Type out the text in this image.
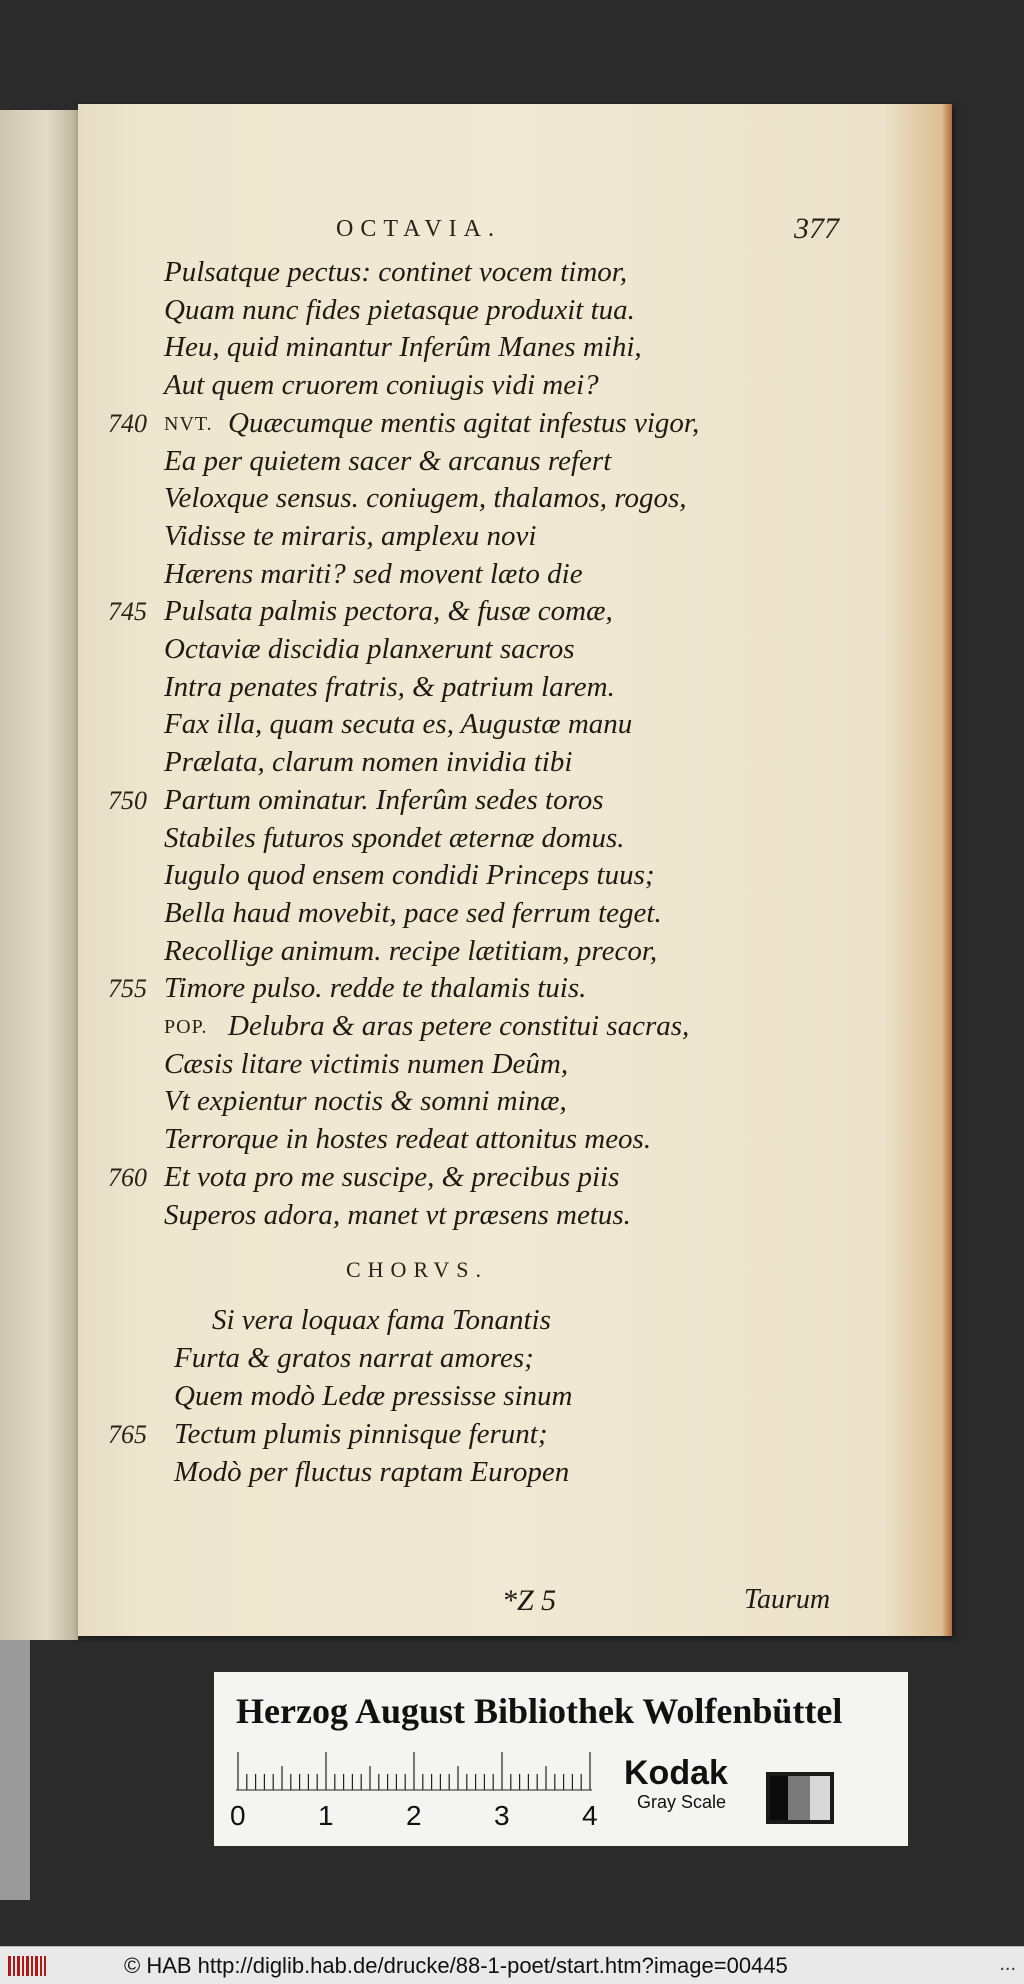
OCTAVIA.	377
Pulsatque pectus: continet vocem timor,
Quam nunc fides pietasque produxit tua.
Heu, quid minantur Inferûm Manes mihi,
Aut quem cruorem coniugis vidi mei?
740 NVT. Quæcumque mentis agitat infestus vigor,
Ea per quietem sacer & arcanus refert
Veloxque sensus. coniugem, thalamos, rogos,
Vidisse te miraris, amplexu novi
Hærens mariti? sed movent læto die
745 Pulsata palmis pectora, & fusæ comæ,
Octaviæ discidia planxerunt sacros
Intra penates fratris, & patrium larem.
Fax illa, quam secuta es, Augustæ manu
Prælata, clarum nomen invidia tibi
750 Partum ominatur. Inferûm sedes toros
Stabiles futuros spondet æternæ domus.
Iugulo quod ensem condidi Princeps tuus;
Bella haud movebit, pace sed ferrum teget.
Recollige animum. recipe lætitiam, precor,
755 Timore pulso. redde te thalamis tuis.
POP. Delubra & aras petere constitui sacras,
Cæsis litare victimis numen Deûm,
Vt expientur noctis & somni minæ,
Terrorque in hostes redeat attonitus meos.
760 Et vota pro me suscipe, & precibus piis
Superos adora, manet vt præsens metus.
CHORVS.
Si vera loquax fama Tonantis
Furta & gratos narrat amores;
Quem modò Ledæ pressisse sinum
765 Tectum plumis pinnisque ferunt;
Modò per fluctus raptam Europen
*Z 5	Taurum
Herzog August Bibliothek Wolfenbüttel
0	1	2	3	4
Kodak
Gray Scale
© HAB http://diglib.hab.de/drucke/88-1-poet/start.htm?image=00445	...
